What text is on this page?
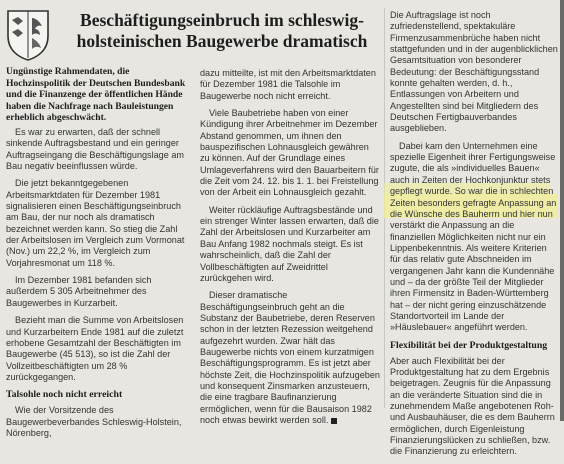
Beschäftigungseinbruch im schleswig-holsteinischen Baugewerbe dramatisch

Ungünstige Rahmendaten, die Hochzinspolitik der Deutschen Bundesbank und die Finanzenge der öffentlichen Hände haben die Nachfrage nach Bauleistungen erheblich abgeschwächt.

Es war zu erwarten, daß der schnell sinkende Auftragsbestand und ein geringer Auftragseingang die Beschäftigungslage am Bau negativ beeinflussen würde.

Die jetzt bekanntgegebenen Arbeitsmarktdaten für Dezember 1981 signalisieren einen Beschäftigungseinbruch am Bau, der nur noch als dramatisch bezeichnet werden kann. So stieg die Zahl der Arbeitslosen im Vergleich zum Vormonat (Nov.) um 22,2 %, im Vergleich zum Vorjahresmonat um 118 %.

Im Dezember 1981 befanden sich außerdem 5 305 Arbeitnehmer des Baugewerbes in Kurzarbeit.

Bezieht man die Summe von Arbeitslosen und Kurzarbeitern Ende 1981 auf die zuletzt erhobene Gesamtzahl der Beschäftigten im Baugewerbe (45 513), so ist die Zahl der Vollzeitbeschäftigten um 28 % zurückgegangen.

Talsohle noch nicht erreicht

Wie der Vorsitzende des Baugewerbeverbandes Schleswig-Holstein, Nörenberg,

dazu mitteilte, ist mit den Arbeitsmarktdaten für Dezember 1981 die Talsohle im Baugewerbe noch nicht erreicht.

Viele Baubetriebe haben von einer Kündigung ihrer Arbeitnehmer im Dezember Abstand genommen, um ihnen den bauspezifischen Lohnausgleich gewähren zu können. Auf der Grundlage eines Umlageverfahrens wird den Bauarbeitern für die Zeit vom 24. 12. bis 1. 1. bei Freistellung von der Arbeit ein Lohnausgleich gezahlt.

Weiter rückläufige Auftragsbestände und ein strenger Winter lassen erwarten, daß die Zahl der Arbeitslosen und Kurzarbeiter am Bau Anfang 1982 nochmals steigt. Es ist wahrscheinlich, daß die Zahl der Vollbeschäftigten auf Zweidrittel zurückgehen wird.

Dieser dramatische Beschäftigungseinbruch geht an die Substanz der Baubetriebe, deren Reserven schon in der letzten Rezession weitgehend aufgezehrt wurden. Zwar hält das Baugewerbe nichts von einem kurzatmigen Beschäftigungsprogramm. Es ist jetzt aber höchste Zeit, die Hochzinspolitik aufzugeben und konsequent Zinsmarken anzusteuern, die eine tragbare Baufinanzierung ermöglichen, wenn für die Bausaison 1982 noch etwas bewirkt werden soll.

Die Auftragslage ist noch zufriedenstellend, spektakuläre Firmenzusammenbrüche haben nicht stattgefunden und in der augenblicklichen Gesamtsituation von besonderer Bedeutung: der Beschäftigungsstand konnte gehalten werden, d. h., Entlassungen von Arbeitern und Angestellten sind bei Mitgliedern des Deutschen Fertigbauverbandes ausgeblieben.

Dabei kam den Unternehmen eine spezielle Eigenheit ihrer Fertigungsweise zugute, die als »individuelles Bauen« auch in Zeiten der Hochkonjunktur stets gepflegt wurde. So war die in schlechten Zeiten besonders gefragte Anpassung an die Wünsche des Bauherrn und hier nun verstärkt die Anpassung an die finanziellen Möglichkeiten nicht nur ein Lippenbekenntnis. Als weitere Kriterien für das relativ gute Abschneiden im vergangenen Jahr kann die Kundennähe und – da der größte Teil der Mitglieder ihren Firmensitz in Baden-Württemberg hat – der nicht gering einzuschätzende Standortvorteil im Lande der »Häuslebauer« angeführt werden.

Flexibilität bei der Produktgestaltung

Aber auch Flexibilität bei der Produktgestaltung hat zu dem Ergebnis beigetragen. Zeugnis für die Anpassung an die veränderte Situation sind die in zunehmendem Maße angebotenen Roh- und Ausbauhäuser, die es dem Bauherrn ermöglichen, durch Eigenleistung Finanzierungslücken zu schließen, bzw. die Finanzierung zu erleichtern.
